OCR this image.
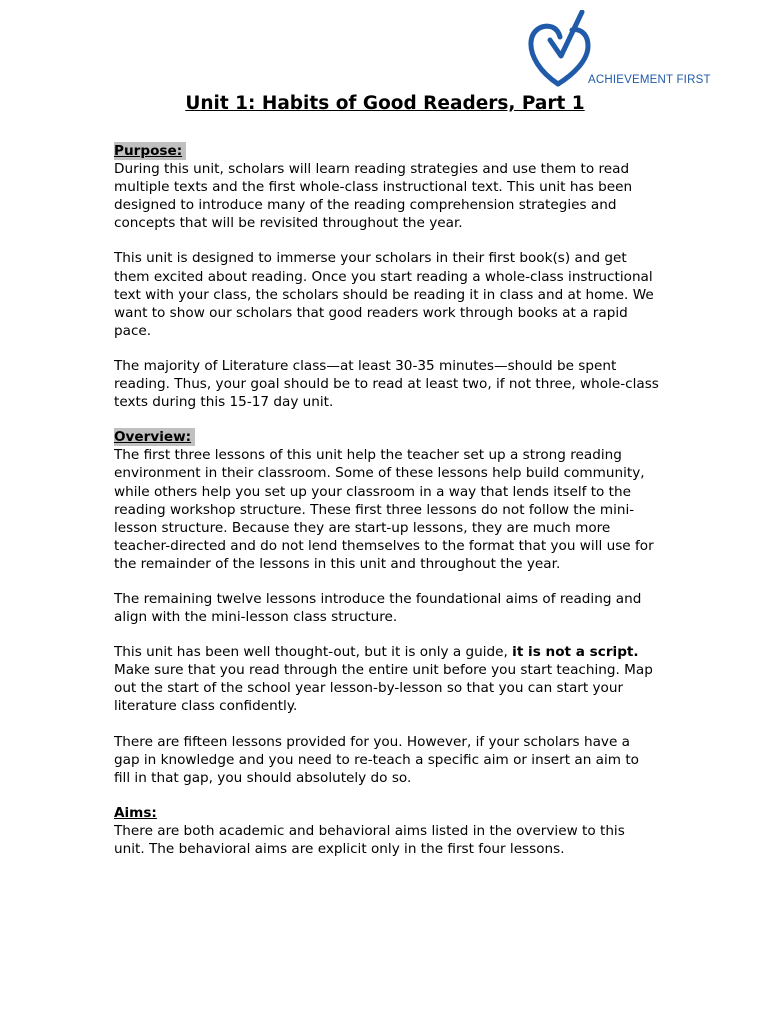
ACHIEVEMENT FIRST
Unit 1: Habits of Good Readers, Part 1
Purpose:

During this unit, scholars will learn reading strategies and use them to read multiple texts and the first whole-class instructional text. This unit has been designed to introduce many of the reading comprehension strategies and concepts that will be revisited throughout the year.

This unit is designed to immerse your scholars in their first book(s) and get them excited about reading. Once you start reading a whole-class instructional text with your class, the scholars should be reading it in class and at home. We want to show our scholars that good readers work through books at a rapid pace.

The majority of Literature class—at least 30-35 minutes—should be spent reading. Thus, your goal should be to read at least two, if not three, whole-class texts during this 15-17 day unit.

Overview:

The first three lessons of this unit help the teacher set up a strong reading environment in their classroom. Some of these lessons help build community, while others help you set up your classroom in a way that lends itself to the reading workshop structure. These first three lessons do not follow the mini-lesson structure. Because they are start-up lessons, they are much more teacher-directed and do not lend themselves to the format that you will use for the remainder of the lessons in this unit and throughout the year.

The remaining twelve lessons introduce the foundational aims of reading and align with the mini-lesson class structure.

This unit has been well thought-out, but it is only a guide, it is not a script. Make sure that you read through the entire unit before you start teaching. Map out the start of the school year lesson-by-lesson so that you can start your literature class confidently.

There are fifteen lessons provided for you. However, if your scholars have a gap in knowledge and you need to re-teach a specific aim or insert an aim to fill in that gap, you should absolutely do so.

Aims:

There are both academic and behavioral aims listed in the overview to this unit. The behavioral aims are explicit only in the first four lessons.
